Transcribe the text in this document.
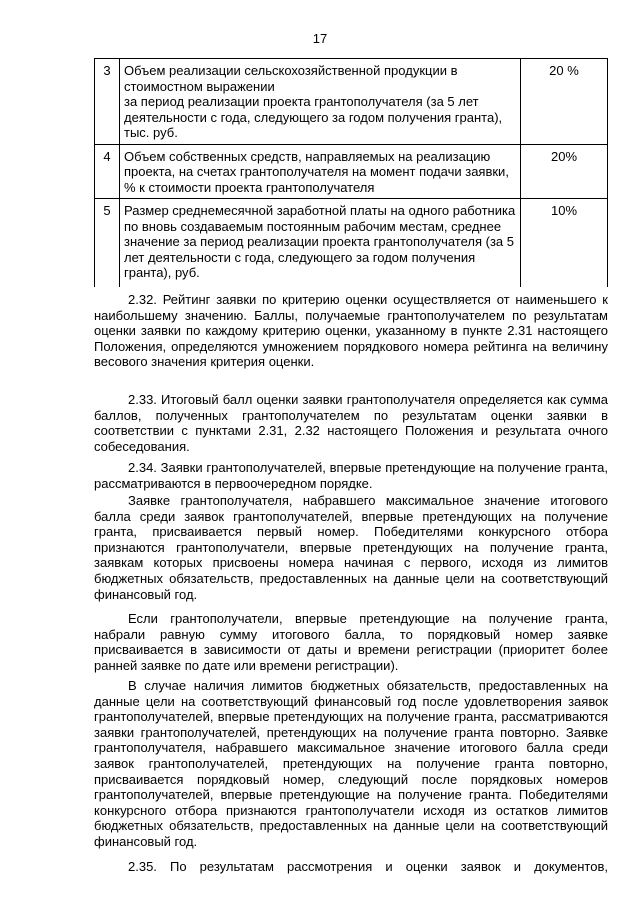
17
3	Объем реализации сельскохозяйственной продукции в стоимостном выражении
за период реализации проекта грантополучателя (за 5 лет деятельности с года, следующего за годом получения гранта), тыс. руб.	20 %
4	Объем собственных средств, направляемых на реализацию проекта, на счетах грантополучателя на момент подачи заявки, % к стоимости проекта грантополучателя	20%
5	Размер среднемесячной заработной платы на одного работника по вновь создаваемым постоянным рабочим местам, среднее значение за период реализации проекта грантополучателя (за 5 лет деятельности с года, следующего за годом получения гранта), руб.	10%

2.32. Рейтинг заявки по критерию оценки осуществляется от наименьшего к наибольшему значению. Баллы, получаемые грантополучателем по результатам оценки заявки по каждому критерию оценки, указанному в пункте 2.31 настоящего Положения, определяются умножением порядкового номера рейтинга на величину весового значения критерия оценки.

2.33. Итоговый балл оценки заявки грантополучателя определяется как сумма баллов, полученных грантополучателем по результатам оценки заявки в соответствии с пунктами 2.31, 2.32 настоящего Положения и результата очного собеседования.

2.34. Заявки грантополучателей, впервые претендующие на получение гранта, рассматриваются в первоочередном порядке.

Заявке грантополучателя, набравшего максимальное значение итогового балла среди заявок грантополучателей, впервые претендующих на получение гранта, присваивается первый номер. Победителями конкурсного отбора признаются грантополучатели, впервые претендующих на получение гранта, заявкам которых присвоены номера начиная с первого, исходя из лимитов бюджетных обязательств, предоставленных на данные цели на соответствующий финансовый год.

Если грантополучатели, впервые претендующие на получение гранта, набрали равную сумму итогового балла, то порядковый номер заявке присваивается в зависимости от даты и времени регистрации (приоритет более ранней заявке по дате или времени регистрации).

В случае наличия лимитов бюджетных обязательств, предоставленных на данные цели на соответствующий финансовый год после удовлетворения заявок грантополучателей, впервые претендующих на получение гранта, рассматриваются заявки грантополучателей, претендующих на получение гранта повторно. Заявке грантополучателя, набравшего максимальное значение итогового балла среди заявок грантополучателей, претендующих на получение гранта повторно, присваивается порядковый номер, следующий после порядковых номеров грантополучателей, впервые претендующие на получение гранта. Победителями конкурсного отбора признаются грантополучатели исходя из остатков лимитов бюджетных обязательств, предоставленных на данные цели на соответствующий финансовый год.

2.35. По результатам рассмотрения и оценки заявок и документов,
